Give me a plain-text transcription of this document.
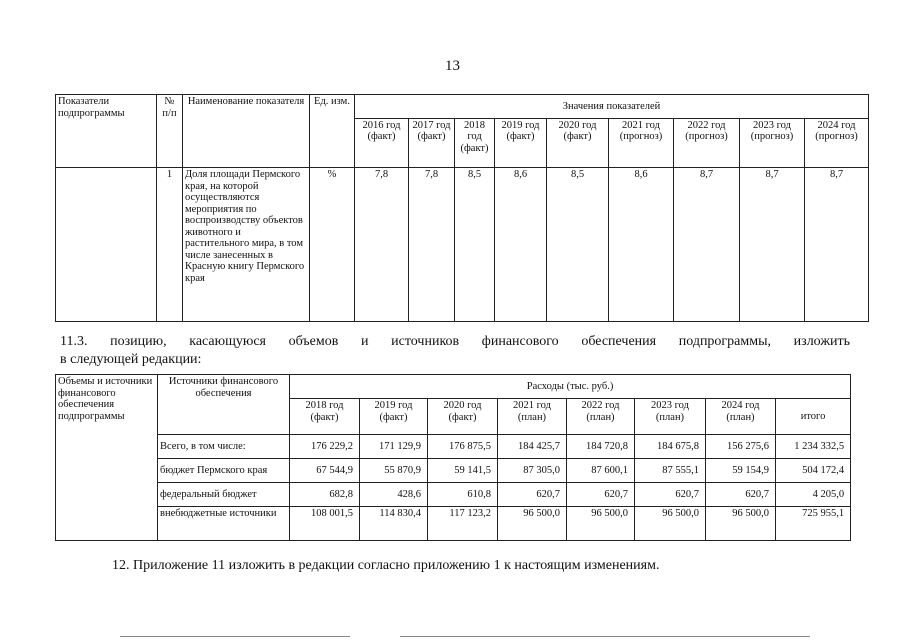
13
Показатели подпрограммы	№ п/п	Наименование показателя	Ед. изм.	Значения показателей								
				2016 год (факт)	2017 год (факт)	2018 год (факт)	2019 год (факт)	2020 год (факт)	2021 год (прогноз)	2022 год (прогноз)	2023 год (прогноз)	2024 год (прогноз)
	1	Доля площади Пермского края, на которой осуществляются мероприятия по воспроизводству объектов животного и растительного мира, в том числе занесенных в Красную книгу Пермского края	%	7,8	7,8	8,5	8,6	8,5	8,6	8,7	8,7	8,7
11.3. позицию, касающуюся объемов и источников финансового обеспечения подпрограммы, изложить
в следующей редакции:
Объемы и источники финансового обеспечения подпрограммы	Источники финансового обеспечения	Расходы (тыс. руб.)							
		2018 год (факт)	2019 год (факт)	2020 год (факт)	2021 год (план)	2022 год (план)	2023 год (план)	2024 год (план)	итого
	Всего, в том числе:	176 229,2	171 129,9	176 875,5	184 425,7	184 720,8	184 675,8	156 275,6	1 234 332,5
	бюджет Пермского края	67 544,9	55 870,9	59 141,5	87 305,0	87 600,1	87 555,1	59 154,9	504 172,4
	федеральный бюджет	682,8	428,6	610,8	620,7	620,7	620,7	620,7	4 205,0
	внебюджетные источники	108 001,5	114 830,4	117 123,2	96 500,0	96 500,0	96 500,0	96 500,0	725 955,1
12. Приложение 11 изложить в редакции согласно приложению 1 к настоящим изменениям.
